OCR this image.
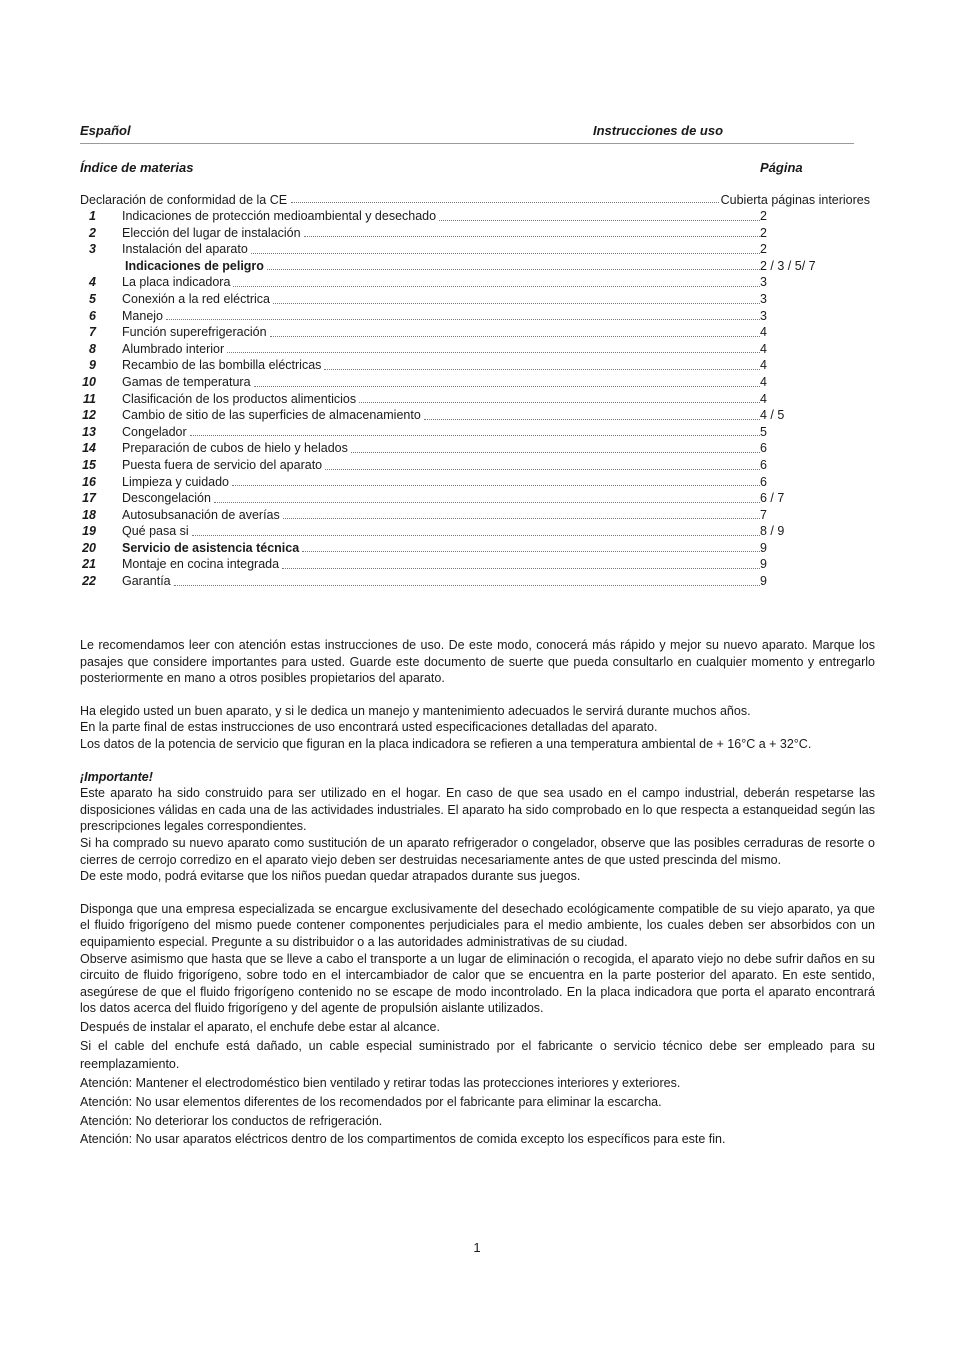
Español	Instrucciones de uso
Índice de materias	Página
Declaración de conformidad de la CE	Cubierta páginas interiores
1 Indicaciones de protección medioambiental y desechado	2
2 Elección del lugar de instalación	2
3 Instalación del aparato	2
Indicaciones de peligro	2 / 3 / 5/ 7
4 La placa indicadora	3
5 Conexión a la red eléctrica	3
6 Manejo	3
7 Función superefrigeración	4
8 Alumbrado interior	4
9 Recambio de las bombilla eléctricas	4
10 Gamas de temperatura	4
11 Clasificación de los productos alimenticios	4
12 Cambio de sitio de las superficies de almacenamiento	4 / 5
13 Congelador	5
14 Preparación de cubos de hielo y helados	6
15 Puesta fuera de servicio del aparato	6
16 Limpieza y cuidado	6
17 Descongelación	6 / 7
18 Autosubsanación de averías	7
19 Qué pasa si	8 / 9
20 Servicio de asistencia técnica	9
21 Montaje en cocina integrada	9
22 Garantía	9

Le recomendamos leer con atención estas instrucciones de uso. De este modo, conocerá más rápido y mejor su nuevo aparato. Marque los pasajes que considere importantes para usted. Guarde este documento de suerte que pueda consultarlo en cualquier momento y entregarlo posteriormente en mano a otros posibles propietarios del aparato.

Ha elegido usted un buen aparato, y si le dedica un manejo y mantenimiento adecuados le servirá durante muchos años.

En la parte final de estas instrucciones de uso encontrará usted especificaciones detalladas del aparato.

Los datos de la potencia de servicio que figuran en la placa indicadora se refieren a una temperatura ambiental de + 16°C a + 32°C.

¡Importante!

Este aparato ha sido construido para ser utilizado en el hogar. En caso de que sea usado en el campo industrial, deberán respetarse las disposiciones válidas en cada una de las actividades industriales. El aparato ha sido comprobado en lo que respecta a estanqueidad según las prescripciones legales correspondientes.

Si ha comprado su nuevo aparato como sustitución de un aparato refrigerador o congelador, observe que las posibles cerraduras de resorte o cierres de cerrojo corredizo en el aparato viejo deben ser destruidas necesariamente antes de que usted prescinda del mismo.

De este modo, podrá evitarse que los niños puedan quedar atrapados durante sus juegos.

Disponga que una empresa especializada se encargue exclusivamente del desechado ecológicamente compatible de su viejo aparato, ya que el fluido frigorígeno del mismo puede contener componentes perjudiciales para el medio ambiente, los cuales deben ser absorbidos con un equipamiento especial. Pregunte a su distribuidor o a las autoridades administrativas de su ciudad.

Observe asimismo que hasta que se lleve a cabo el transporte a un lugar de eliminación o recogida, el aparato viejo no debe sufrir daños en su circuito de fluido frigorígeno, sobre todo en el intercambiador de calor que se encuentra en la parte posterior del aparato. En este sentido, asegúrese de que el fluido frigorígeno contenido no se escape de modo incontrolado. En la placa indicadora que porta el aparato encontrará los datos acerca del fluido frigorígeno y del agente de propulsión aislante utilizados.

Después de instalar el aparato, el enchufe debe estar al alcance.

Si el cable del enchufe está dañado, un cable especial suministrado por el fabricante o servicio técnico debe ser empleado para su reemplazamiento.

Atención: Mantener el electrodoméstico bien ventilado y retirar todas las protecciones interiores y exteriores.

Atención: No usar elementos diferentes de los recomendados por el fabricante para eliminar la escarcha.

Atención: No deteriorar los conductos de refrigeración.

Atención: No usar aparatos eléctricos dentro de los compartimentos de comida excepto los específicos para este fin.

1
